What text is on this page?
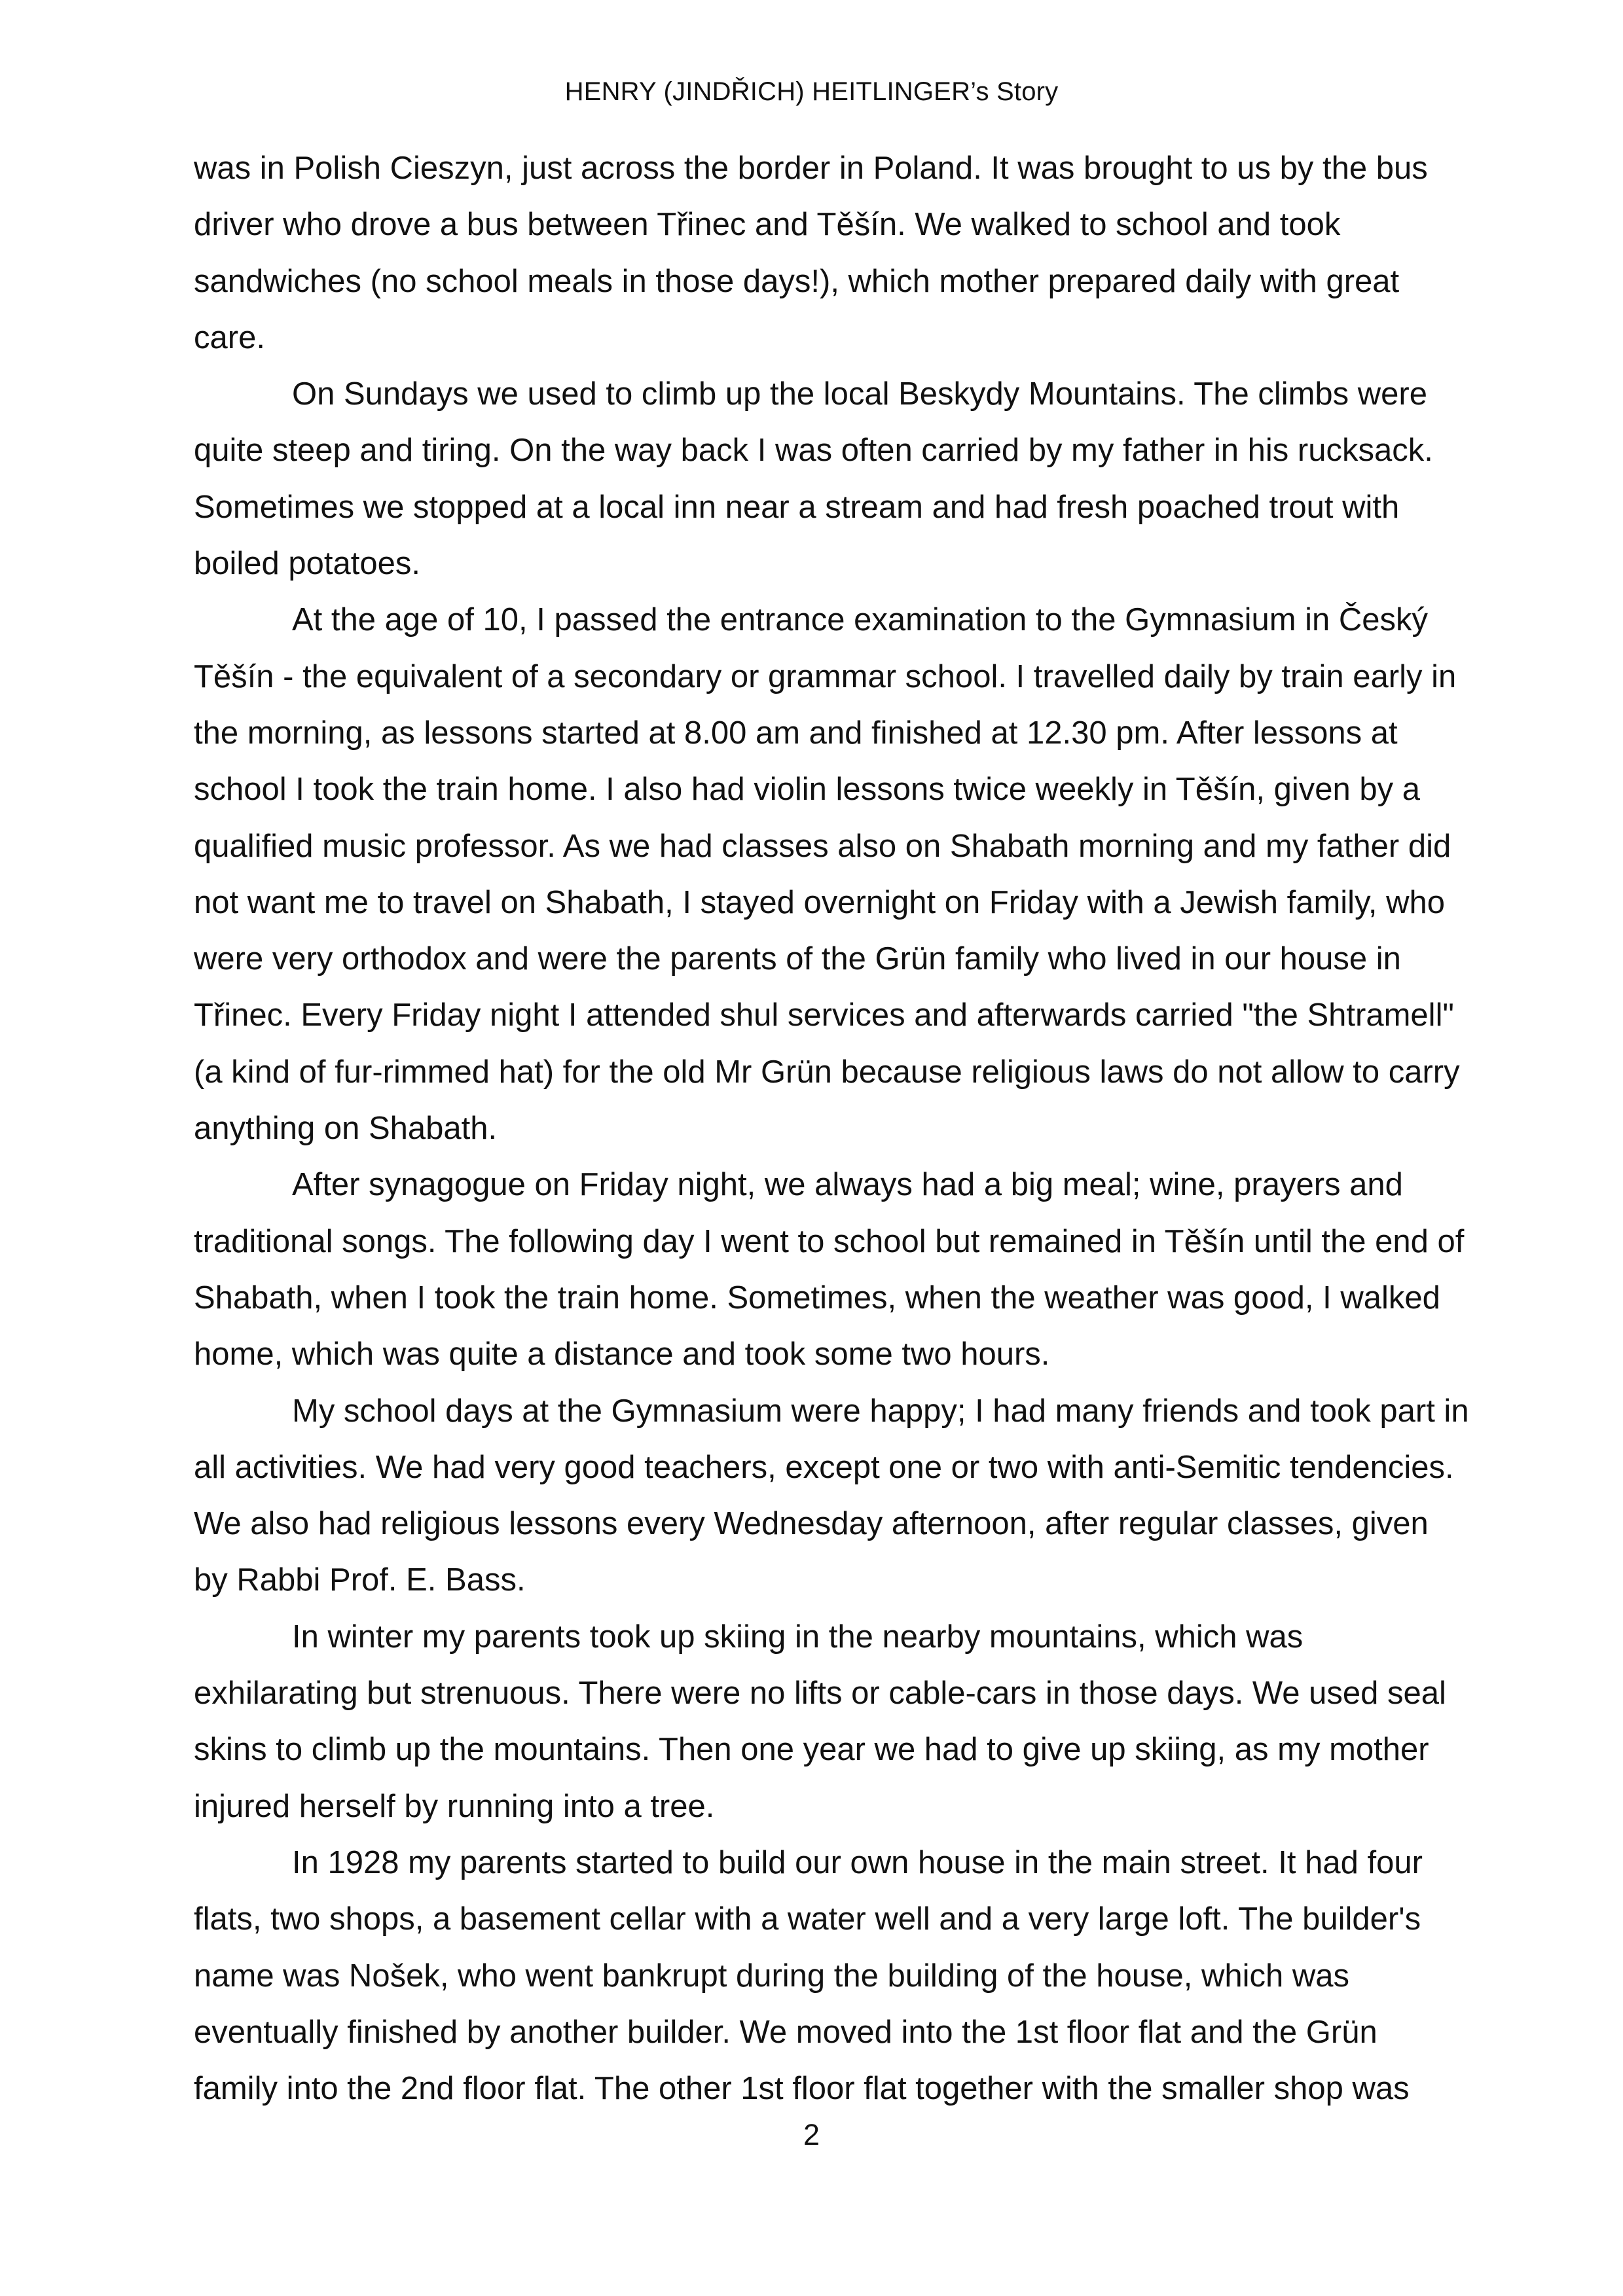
HENRY (JINDŘICH) HEITLINGER’s Story

was in Polish Cieszyn, just across the border in Poland. It was brought to us by the bus driver who drove a bus between Třinec and Těšín. We walked to school and took sandwiches (no school meals in those days!), which mother prepared daily with great care.

On Sundays we used to climb up the local Beskydy Mountains. The climbs were quite steep and tiring. On the way back I was often carried by my father in his rucksack. Sometimes we stopped at a local inn near a stream and had fresh poached trout with boiled potatoes.

At the age of 10, I passed the entrance examination to the Gymnasium in Český Těšín - the equivalent of a secondary or grammar school. I travelled daily by train early in the morning, as lessons started at 8.00 am and finished at 12.30 pm. After lessons at school I took the train home. I also had violin lessons twice weekly in Těšín, given by a qualified music professor. As we had classes also on Shabath morning and my father did not want me to travel on Shabath, I stayed overnight on Friday with a Jewish family, who were very orthodox and were the parents of the Grün family who lived in our house in Třinec. Every Friday night I attended shul services and afterwards carried "the Shtramell" (a kind of fur-rimmed hat) for the old Mr Grün because religious laws do not allow to carry anything on Shabath.

After synagogue on Friday night, we always had a big meal; wine, prayers and traditional songs. The following day I went to school but remained in Těšín until the end of Shabath, when I took the train home. Sometimes, when the weather was good, I walked home, which was quite a distance and took some two hours.

My school days at the Gymnasium were happy; I had many friends and took part in all activities. We had very good teachers, except one or two with anti-Semitic tendencies. We also had religious lessons every Wednesday afternoon, after regular classes, given by Rabbi Prof. E. Bass.

In winter my parents took up skiing in the nearby mountains, which was exhilarating but strenuous. There were no lifts or cable-cars in those days. We used seal skins to climb up the mountains. Then one year we had to give up skiing, as my mother injured herself by running into a tree.

In 1928 my parents started to build our own house in the main street. It had four flats, two shops, a basement cellar with a water well and a very large loft. The builder's name was Nošek, who went bankrupt during the building of the house, which was eventually finished by another builder. We moved into the 1st floor flat and the Grün family into the 2nd floor flat. The other 1st floor flat together with the smaller shop was

2
